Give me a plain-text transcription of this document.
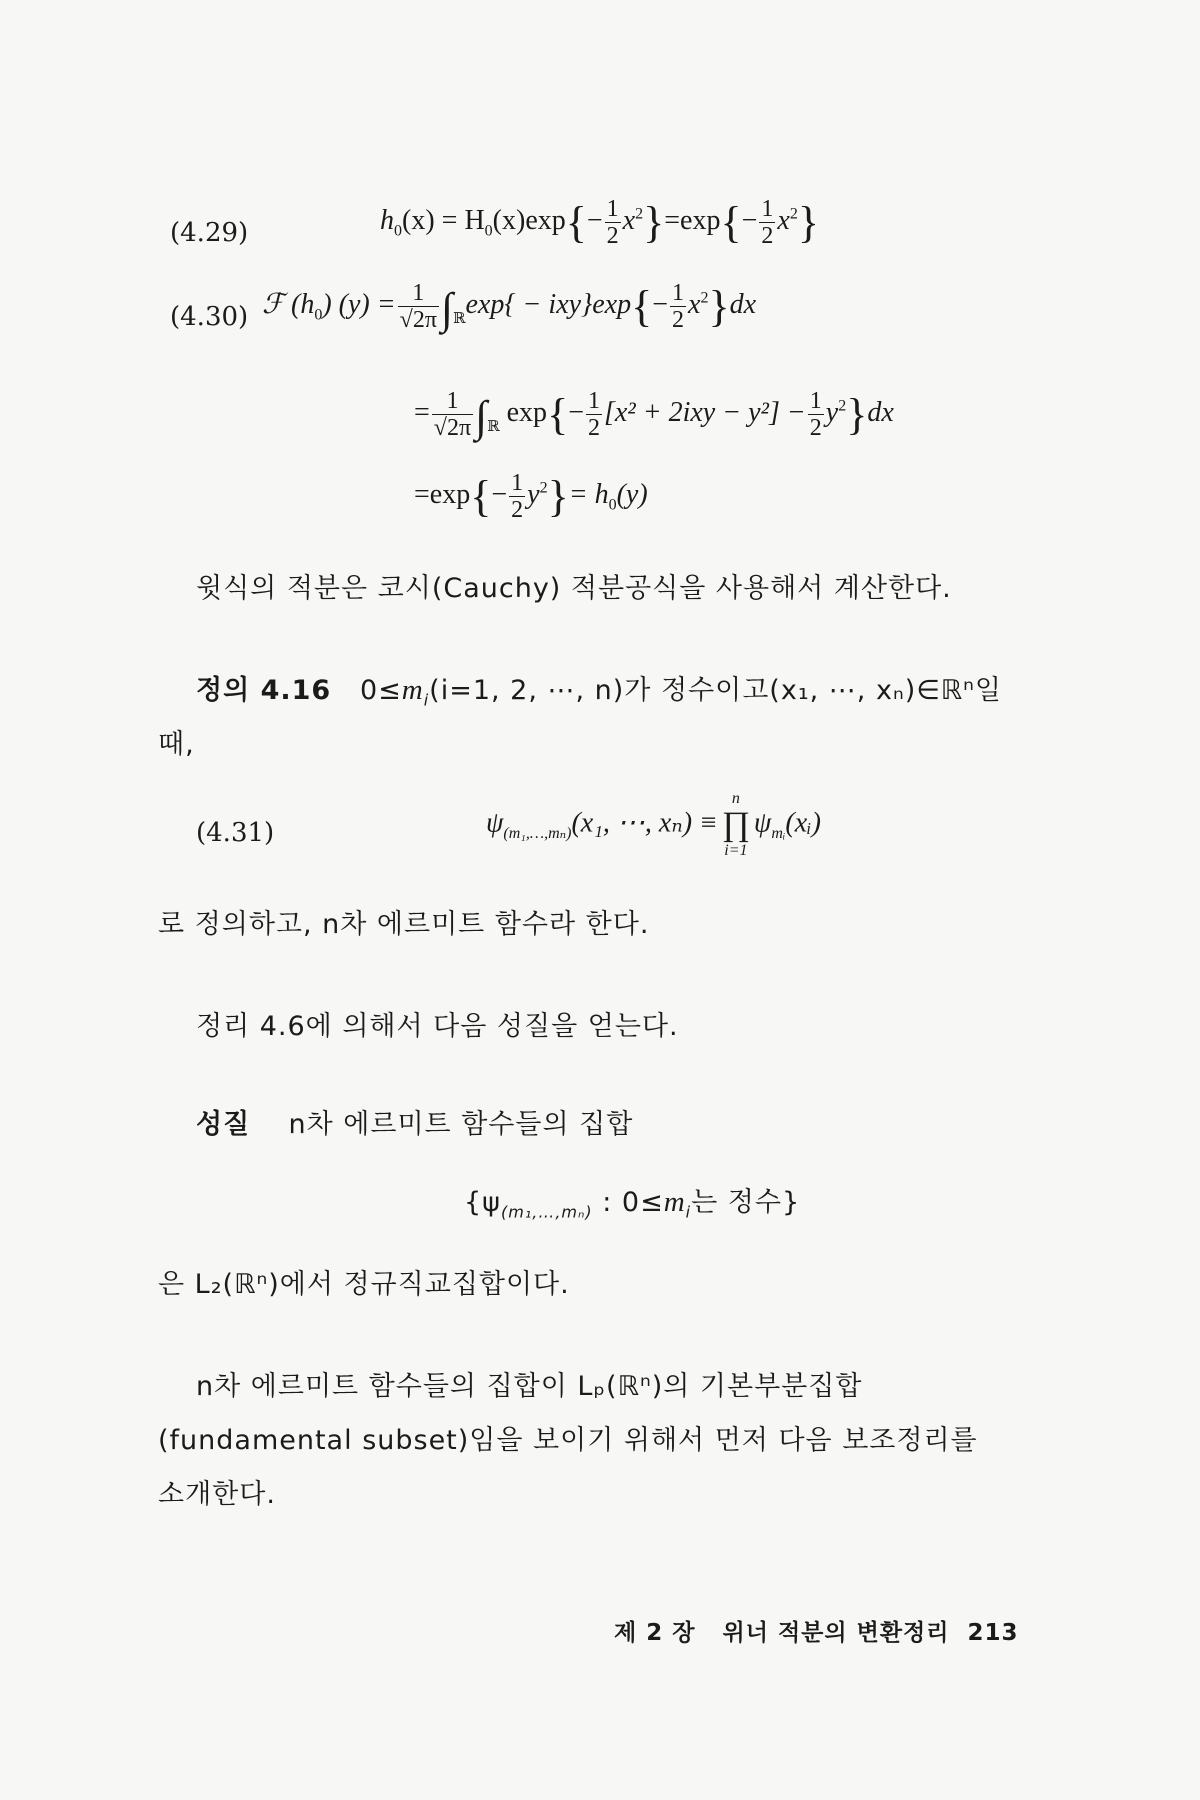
(4.29)	$h_0(x) = H_0(x)\exp\{- \frac{1}{2} x^2\}=\exp\{- \frac{1}{2} x^2\}$
(4.30) ℱ $(h_0) (y) = \frac{1}{√2\pi} \int_ℝ\exp\{ - ixy\}\exp\{- \frac{1}{2} x^2\}dx$
= $\frac{1}{√2\pi} \int_ℝ$ $\exp\{- \frac{1}{2} [x^2 + 2ixy - y^2] - \frac{1}{2} y^2\}dx$
$=\exp\{- \frac{1}{2} y^2\}= h_0(y)$
윗식의 적분은 코시(Cauchy) 적분공식을 사용해서 계산한다.
정의 4.16 $0\le m_i(i=1$, 2, ⋯, n)가 정수이고(x₁, ⋯, xₙ)∈ℝⁿ일
때,
(4.31)	$\psi_{(m_1,\dots,m_n)}(x_1$, ⋯, xₙ) ≡
n
∏
i=1
$\psi_{mᵢ}(xᵢ)$
로 정의하고, n차 에르미트 함수라 한다.
정리 4.6에 의해서 다음 성질을 얻는다.
성질 n차 에르미트 함수들의 집합
{$\psi_{(m_1,\dots,m_n)}$ : $0\le m_i$는 정수}
은 L₂(ℝⁿ)에서 정규직교집합이다.
n차 에르미트 함수들의 집합이 Lₚ(ℝⁿ)의 기본부분집합
(fundamental subset)임을 보이기 위해서 먼저 다음 보조정리를
소개한다.
제 2 장 위너 적분의 변환정리 213
